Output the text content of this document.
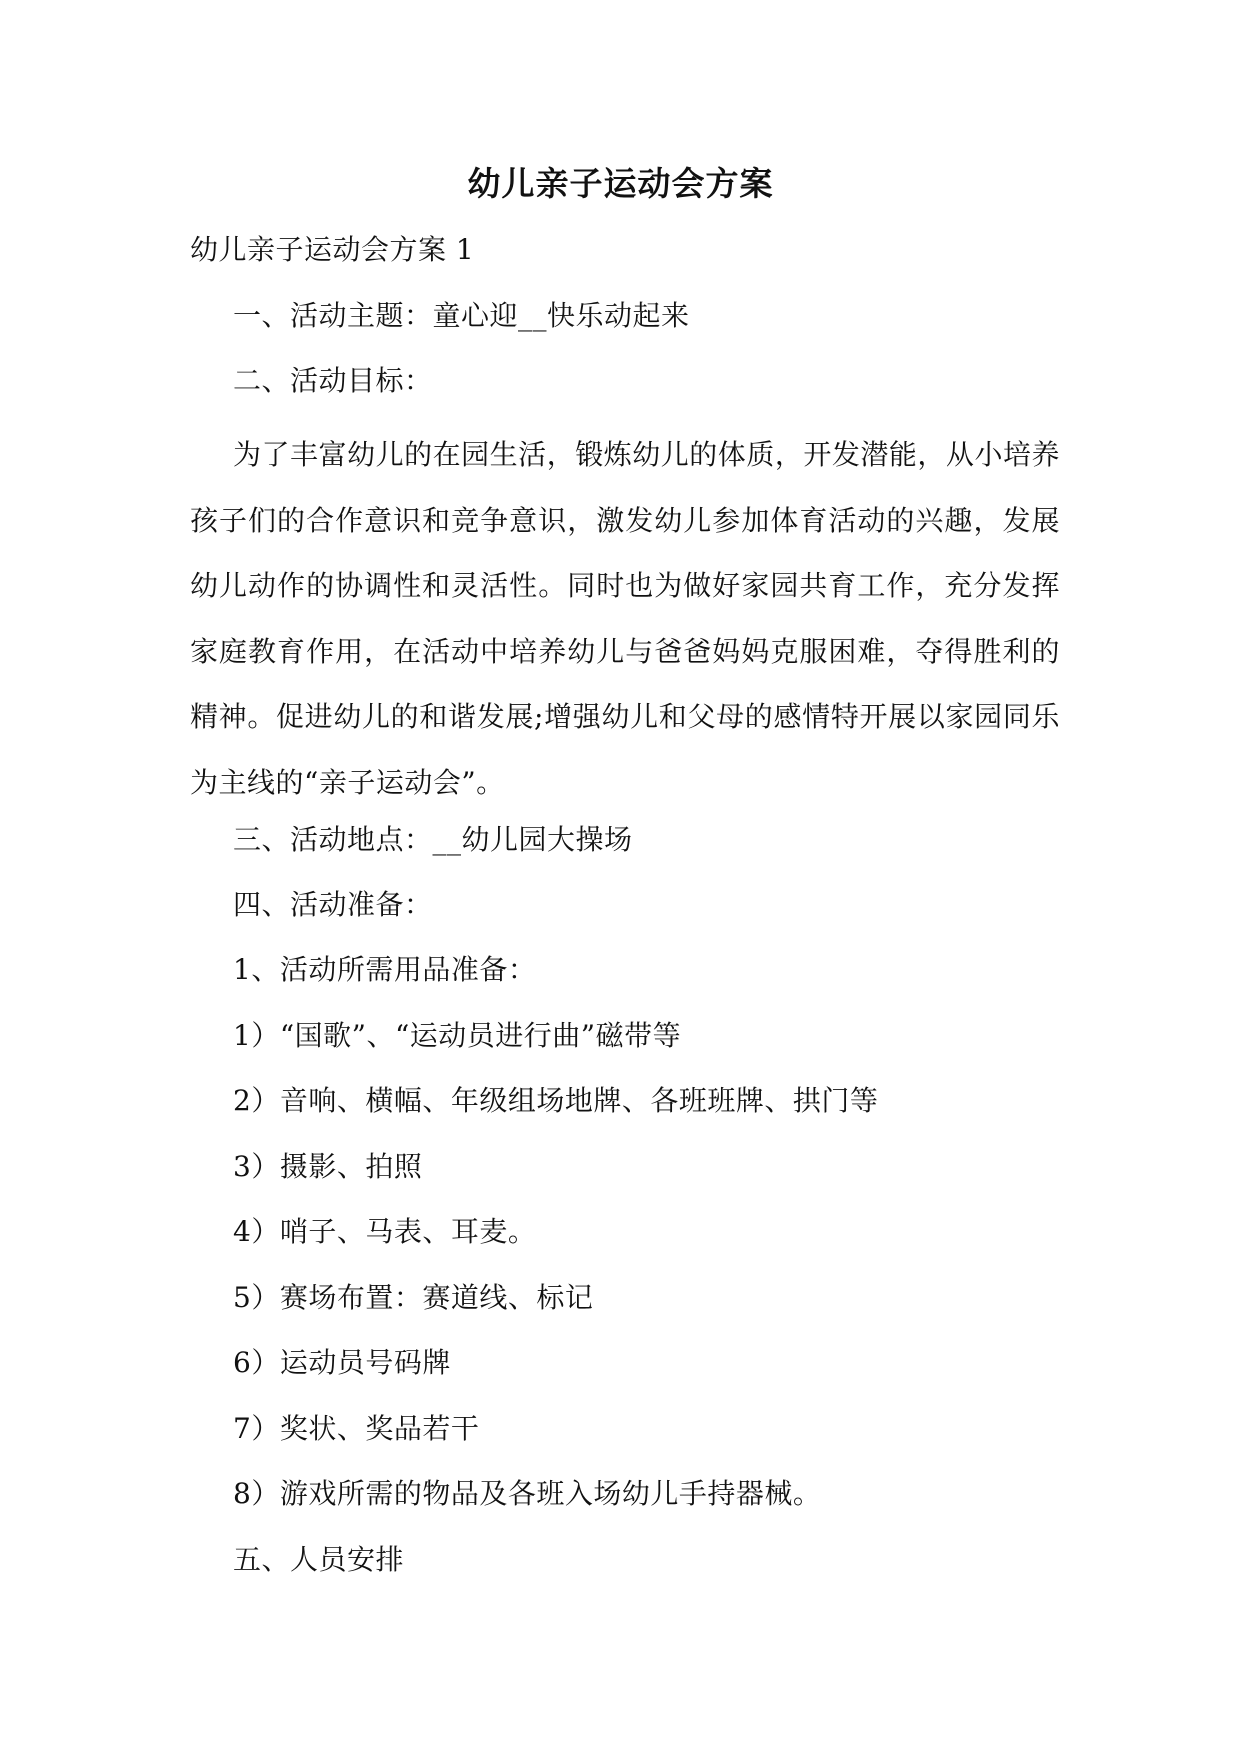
幼儿亲子运动会方案
幼儿亲子运动会方案 1
一、活动主题：童心迎__快乐动起来
二、活动目标：
为了丰富幼儿的在园生活，锻炼幼儿的体质，开发潜能，从小培养孩子们的合作意识和竞争意识，激发幼儿参加体育活动的兴趣，发展幼儿动作的协调性和灵活性。同时也为做好家园共育工作，充分发挥家庭教育作用，在活动中培养幼儿与爸爸妈妈克服困难，夺得胜利的精神。促进幼儿的和谐发展;增强幼儿和父母的感情特开展以家园同乐为主线的“亲子运动会”。
三、活动地点：__幼儿园大操场
四、活动准备：
1、活动所需用品准备：
1）“国歌”、“运动员进行曲”磁带等
2）音响、横幅、年级组场地牌、各班班牌、拱门等
3）摄影、拍照
4）哨子、马表、耳麦。
5）赛场布置：赛道线、标记
6）运动员号码牌
7）奖状、奖品若干
8）游戏所需的物品及各班入场幼儿手持器械。
五、人员安排
